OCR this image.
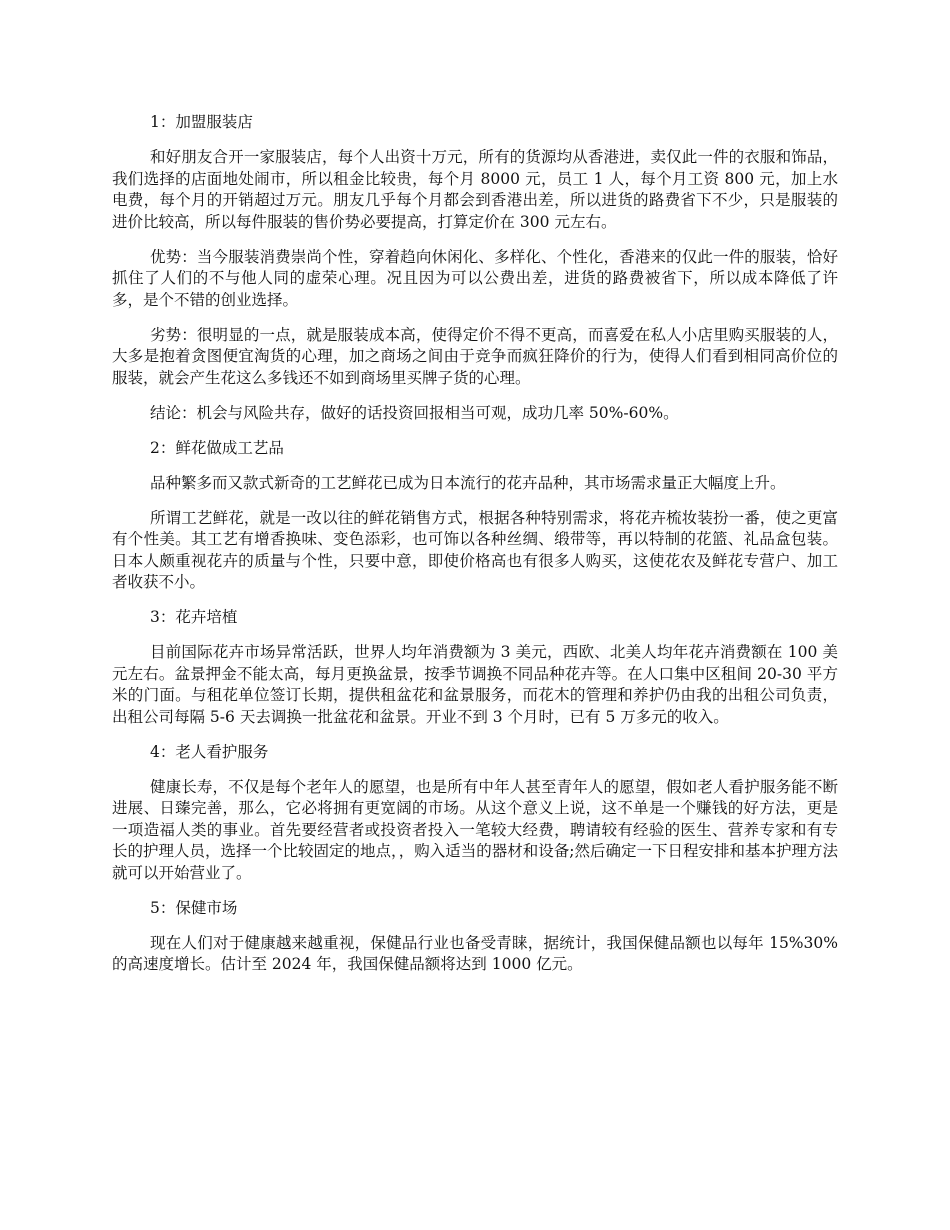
1：加盟服装店

和好朋友合开一家服装店，每个人出资十万元，所有的货源均从香港进，卖仅此一件的衣服和饰品，我们选择的店面地处闹市，所以租金比较贵，每个月 8000 元，员工 1 人，每个月工资 800 元，加上水电费，每个月的开销超过万元。朋友几乎每个月都会到香港出差，所以进货的路费省下不少，只是服装的进价比较高，所以每件服装的售价势必要提高，打算定价在 300 元左右。

优势：当今服装消费崇尚个性，穿着趋向休闲化、多样化、个性化，香港来的仅此一件的服装，恰好抓住了人们的不与他人同的虚荣心理。况且因为可以公费出差，进货的路费被省下，所以成本降低了许多，是个不错的创业选择。

劣势：很明显的一点，就是服装成本高，使得定价不得不更高，而喜爱在私人小店里购买服装的人，大多是抱着贪图便宜淘货的心理，加之商场之间由于竞争而疯狂降价的行为，使得人们看到相同高价位的服装，就会产生花这么多钱还不如到商场里买牌子货的心理。

结论：机会与风险共存，做好的话投资回报相当可观，成功几率 50%-60%。

2：鲜花做成工艺品

品种繁多而又款式新奇的工艺鲜花已成为日本流行的花卉品种，其市场需求量正大幅度上升。

所谓工艺鲜花，就是一改以往的鲜花销售方式，根据各种特别需求，将花卉梳妆装扮一番，使之更富有个性美。其工艺有增香换味、变色添彩，也可饰以各种丝绸、缎带等，再以特制的花篮、礼品盒包装。日本人颇重视花卉的质量与个性，只要中意，即使价格高也有很多人购买，这使花农及鲜花专营户、加工者收获不小。

3：花卉培植

目前国际花卉市场异常活跃，世界人均年消费额为 3 美元，西欧、北美人均年花卉消费额在 100 美元左右。盆景押金不能太高，每月更换盆景，按季节调换不同品种花卉等。在人口集中区租间 20-30 平方米的门面。与租花单位签订长期，提供租盆花和盆景服务，而花木的管理和养护仍由我的出租公司负责，出租公司每隔 5-6 天去调换一批盆花和盆景。开业不到 3 个月时，已有 5 万多元的收入。

4：老人看护服务

健康长寿，不仅是每个老年人的愿望，也是所有中年人甚至青年人的愿望，假如老人看护服务能不断进展、日臻完善，那么，它必将拥有更宽阔的市场。从这个意义上说，这不单是一个赚钱的好方法，更是一项造福人类的事业。首先要经营者或投资者投入一笔较大经费，聘请较有经验的医生、营养专家和有专长的护理人员，选择一个比较固定的地点，，购入适当的器材和设备;然后确定一下日程安排和基本护理方法就可以开始营业了。

5：保健市场

现在人们对于健康越来越重视，保健品行业也备受青睐，据统计，我国保健品额也以每年 15%30%的高速度增长。估计至 2024 年，我国保健品额将达到 1000 亿元。
